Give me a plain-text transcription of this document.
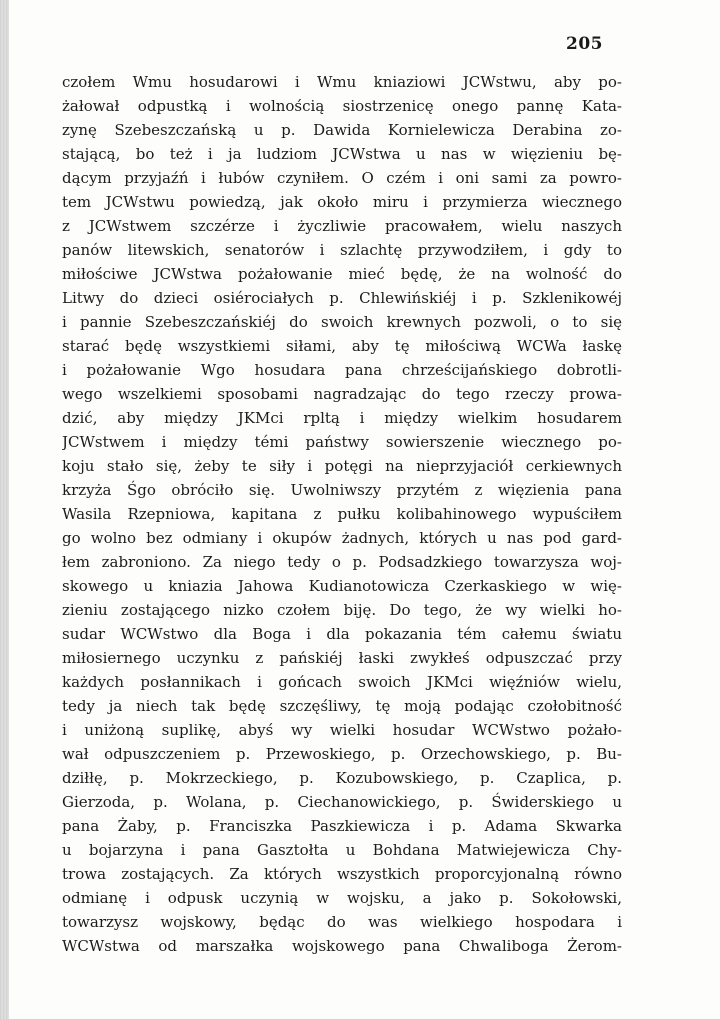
205
czołem Wmu hosudarowi i Wmu kniaziowi JCWstwu, aby po-
żałował odpustką i wolnością siostrzenicę onego pannę Kata-
zynę Szebeszczańską u p. Dawida Kornielewicza Derabina zo-
stającą, bo też i ja ludziom JCWstwa u nas w więzieniu bę-
dącym przyjaźń i łubów czyniłem. O czém i oni sami za powro-
tem JCWstwu powiedzą, jak około miru i przymierza wiecznego
z JCWstwem szczérze i życzliwie pracowałem, wielu naszych
panów litewskich, senatorów i szlachtę przywodziłem, i gdy to
miłościwe JCWstwa pożałowanie mieć będę, że na wolność do
Litwy do dzieci osiérociałych p. Chlewińskiéj i p. Szklenikowéj
i pannie Szebeszczańskiéj do swoich krewnych pozwoli, o to się
starać będę wszystkiemi siłami, aby tę miłościwą WCWa łaskę
i pożałowanie Wgo hosudara pana chrześcijańskiego dobrotli-
wego wszelkiemi sposobami nagradzając do tego rzeczy prowa-
dzić, aby między JKMci rpltą i między wielkim hosudarem
JCWstwem i między témi państwy sowierszenie wiecznego po-
koju stało się, żeby te siły i potęgi na nieprzyjaciół cerkiewnych
krzyża Śgo obróciło się. Uwolniwszy przytém z więzienia pana
Wasila Rzepniowa, kapitana z pułku kolibahinowego wypuściłem
go wolno bez odmiany i okupów żadnych, których u nas pod gard-
łem zabroniono. Za niego tedy o p. Podsadzkiego towarzysza woj-
skowego u kniazia Jahowa Kudianotowicza Czerkaskiego w wię-
zieniu zostającego nizko czołem biję. Do tego, że wy wielki ho-
sudar WCWstwo dla Boga i dla pokazania tém całemu światu
miłosiernego uczynku z pańskiéj łaski zwykłeś odpuszczać przy
każdych posłannikach i gońcach swoich JKMci więźniów wielu,
tedy ja niech tak będę szczęśliwy, tę moją podając czołobitność
i uniżoną suplikę, abyś wy wielki hosudar WCWstwo pożało-
wał odpuszczeniem p. Przewoskiego, p. Orzechowskiego, p. Bu-
dziłłę, p. Mokrzeckiego, p. Kozubowskiego, p. Czaplica, p.
Gierzoda, p. Wolana, p. Ciechanowickiego, p. Świderskiego u
pana Żaby, p. Franciszka Paszkiewicza i p. Adama Skwarka
u bojarzyna i pana Gasztołta u Bohdana Matwiejewicza Chy-
trowa zostających. Za których wszystkich proporcyjonalną równo
odmianę i odpusk uczynią w wojsku, a jako p. Sokołowski,
towarzysz wojskowy, będąc do was wielkiego hospodara i
WCWstwa od marszałka wojskowego pana Chwaliboga Żerom-
